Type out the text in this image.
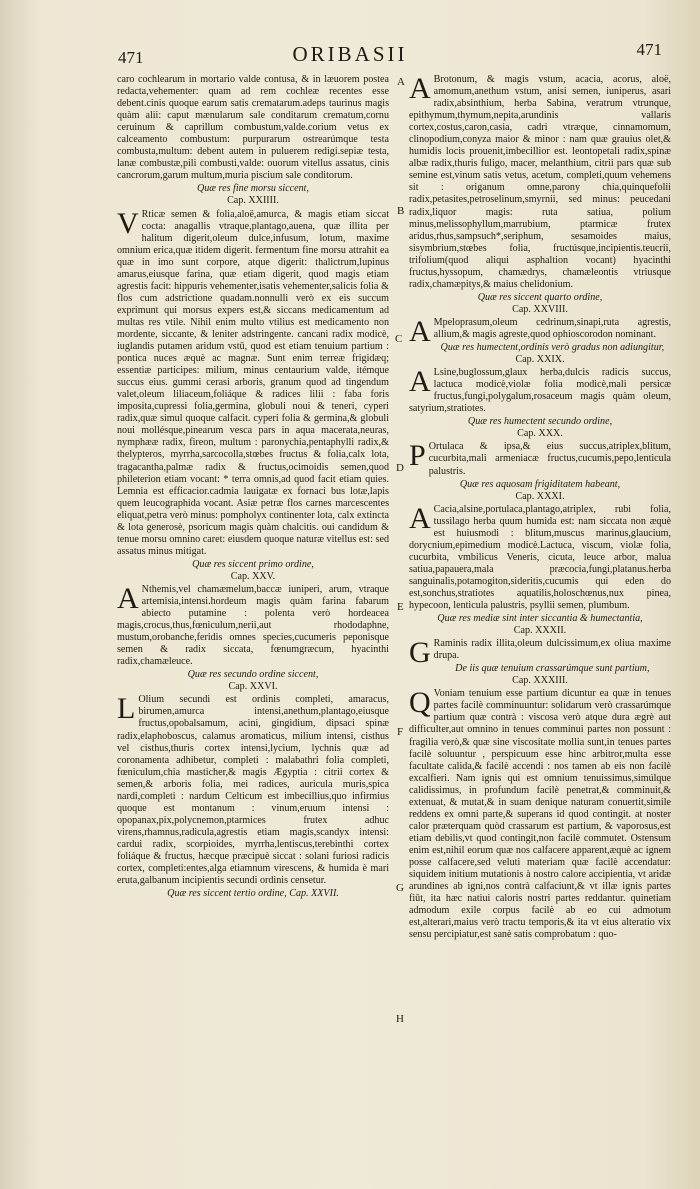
471	ORIBASII	471
A
B
C
D
E
F
G
H

caro cochlearum in mortario valde contusa, & in læuorem postea redacta,vehementer: quam ad rem cochleæ recentes esse debent.cinis quoque earum satis crematarum.adeps taurinus magis quàm alii: caput mænularum sale conditarum crematum,cornu ceruinum & caprillum combustum,valde.corium vetus ex calceamento combustum: purpurarum ostrearúmque testa combusta,multum: debent autem in puluerem redigi.sepiæ testa, lanæ combustæ,pili combusti,valde: ouorum vitellus assatus, cinis cancrorum,garum multum,muria piscium sale conditorum.

Quæ res fine morsu siccent,

Cap. XXIIII.

V Rticæ semen & folia,aloë,amurca, & magis etiam siccat cocta: anagallis vtraque,plantago,auena, quæ illita per halitum digerit,oleum dulce,infusum, lotum, maxime omnium erica,quæ itidem digerit. fermentum fine morsu attrahit ea quæ in imo sunt corpore, atque digerit: thalictrum,lupinus amarus,eiusque farina, quæ etiam digerit, quod magis etiam agrestis facit: hippuris vehementer,isatis vehementer,salicis folia & flos cum adstrictione quadam.nonnulli verò ex eis succum exprimunt qui morsus expers est,& siccans medicamentum ad multas res vtile. Nihil enim multo vtilius est medicamento non mordente, siccante, & leniter adstringente. cancani radix modicè, iuglandis putamen aridum vstū, quod est etiam tenuium partium : pontica nuces æquè ac magnæ. Sunt enim terreæ frigidæq; essentiæ participes: milium, minus centaurium valde, itémque succus eius. gummi cerasi arboris, granum quod ad tingendum valet,oleum liliaceum,foliáque & radices lilii : faba foris imposita,cupressi folia,germina, globuli noui & teneri, cyperi radix,quæ simul quoque calfacit. cyperi folia & germina,& globuli noui mollésque,pinearum vesca pars in aqua macerata,neuras, nymphææ radix, fireon, multum : paronychia,pentaphylli radix,& thelypteros, myrrha,sarcocolla,stœbes fructus & folia,calx lota, tragacantha,palmæ radix & fructus,ocimoidis semen,quod phileterion etiam vocant: * terra omnis,ad quod facit etiam quies. Lemnia est efficacior.cadmia lauigatæ ex fornaci bus lotæ,lapis quem leucographida vocant. Asiæ petræ flos carnes marcescentes eliquat,petra verò minus: pompholyx continenter lota, calx extincta & lota generosè, psoricum magis quàm chalcitis. oui candidum & tenue morsu omnino caret: eiusdem quoque naturæ vitellus est: sed assatus minus mitigat.

Quæ res siccent primo ordine,

Cap. XXV.

A Nthemis,vel chamæmelum,baccæ iuniperi, arum, vtraque artemisia,intensi.hordeum magis quàm farina fabarum abiecto putamine : polenta verò hordeacea magis,crocus,thus,fœniculum,nerii,aut rhododaphne, mustum,orobanche,feridis omnes species,cucumeris peponisque semen & radix siccata, fœnumgræcum, hyacinthi radix,chamæleuce.

Quæ res secundo ordine siccent,

Cap. XXVI.

L Olium secundi est ordinis completi, amaracus, birumen,amurca intensi,anethum,plantago,eiusque fructus,opobalsamum, acini, gingidium, dipsaci spinæ radix,elaphoboscus, calamus aromaticus, milium intensi, cisthus vel cisthus,thuris cortex intensi,lycium, lychnis quæ ad coronamenta adhibetur, completi : malabathri folia completi, fœniculum,chia masticher,& magis Ægyptia : citrii cortex & semen,& arboris folia, mei radices, auricula muris,spica nardi,completi : nardum Celticum est imbecillius,quo infirmius quoque est montanum : vinum,eruum intensi : opopanax,pix,polycnemon,ptarmices frutex adhuc virens,rhamnus,radicula,agrestis etiam magis,scandyx intensi: cardui radix, scorpioides, myrrha,lentiscus,terebinthi cortex foliáque & fructus, hæcque præcipuè siccat : solani furiosi radicis cortex, completi:entes,alga etiamnum virescens, & humida è mari eruta,galbanum incipientis secundi ordinis censetur.

Quæ res siccent tertio ordine, Cap. XXVII.

A Brotonum, & magis vstum, acacia, acorus, aloë, amomum,anethum vstum, anisi semen, iuniperus, asari radix,absinthium, herba Sabina, veratrum vtrunque, epithymum,thymum,nepita,arundinis vallaris cortex,costus,caron,casia, cadri vtræque, cinnamomum, clinopodium,conyza maior & minor : nam quæ grauius olet,& humidis locis prouenit,imbecillior est. leontopetali radix,spinæ albæ radix,thuris fuligo, macer, melanthium, citrii pars quæ sub semine est,vinum satis vetus, acetum, completi,quum vehemens sit : origanum omne,parony chia,quinquefolii radix,petasites,petroselinum,smyrnii, sed minus: peucedani radix,liquor magis: ruta satiua, polium minus,melissophyllum,marrubium, ptarmicæ frutex aridus,rhus,sampsuch*,seriphum, sesamoides maius, sisymbrium,stœbes folia, fructúsque,incipientis.teucrii, trifolium(quod aliqui asphaltion vocant) hyacinthi fructus,hyssopum, chamædrys, chamæleontis vtriusque radix,chamæpitys,& maius chelidonium.

Quæ res siccent quarto ordine,

Cap. XXVIII.

A Mpeloprasum,oleum cedrinum,sinapi,ruta agrestis, allium,& magis agreste,quod ophioscorodon nominant.

Quæ res humectent,ordinis verò gradus non adiungitur,

Cap. XXIX.

A Lsine,buglossum,glaux herba,dulcis radicis succus, lactuca modicè,violæ folia modicè,mali persicæ fructus,fungi,polygalum,rosaceum magis quàm oleum, satyrium,stratiotes.

Quæ res humectent secundo ordine,

Cap. XXX.

P Ortulaca & ipsa,& eius succus,atriplex,blitum, cucurbita,mali armeniacæ fructus,cucumis,pepo,lenticula palustris.

Quæ res aquosam frigiditatem habeant,

Cap. XXXI.

A Cacia,alsine,portulaca,plantago,atriplex, rubi folia, tussilago herba quum humida est: nam siccata non æquè est huiusmodi : blitum,muscus marinus,glaucium, dorycnium,epimedium modicè.Lactuca, viscum, violæ folia, cucurbita, vmbilicus Veneris, cicuta, leuce arbor, malua satiua,papauera,mala præcocia,fungi,platanus.herba sanguinalis,potamogiton,sideritis,cucumis qui eden do est,sonchus,stratiotes aquatilis,holoschœnus,nux pinea, hypecoon, lenticula palustris, psyllii semen, plumbum.

Quæ res mediæ sint inter siccantia & humectantia,

Cap. XXXII.

G Raminis radix illita,oleum dulcissimum,ex oliua maxime drupa.

De iis quæ tenuium crassarúmque sunt partium,

Cap. XXXIII.

Q Voniam tenuium esse partium dicuntur ea quæ in tenues partes facilè comminuuntur: solidarum verò crassarúmque partium quæ contrà : viscosa verò atque dura ægrè aut difficulter,aut omnino in tenues comminui partes non possunt : fragilia verò,& quæ sine viscositate mollia sunt,in tenues partes facilè soluuntur , perspicuum esse hinc arbitror,multa esse facultate calida,& facilè accendi : nos tamen ab eis non facilè excalfieri. Nam ignis qui est omnium tenuissimus,simúlque calidissimus, in profundum facilè penetrat,& comminuit,& extenuat, & mutat,& in suam denique naturam conuertit,simile reddens ex omni parte,& superans id quod contingit. at noster calor præterquam quòd crassarum est partium, & vaporosus,est etiam debilis,vt quod contingit,non facilè commutet. Ostensum enim est,nihil eorum quæ nos calfacere apparent,æquè ac ignem posse calfacere,sed veluti materiam quæ facilè accendatur: siquidem initium mutationis à nostro calore accipientia, vt aridæ arundines ab igni,nos contrà calfaciunt,& vt illæ ignis partes fiūt, ita hæc natiui caloris nostri partes reddantur. quinetiam admodum exile corpus facilè ab eo cui admotum est,alterari,maius verò tractu temporis,& ita vt eius alteratio vix sensu percipiatur,est sanè satis comprobatum : quo-
